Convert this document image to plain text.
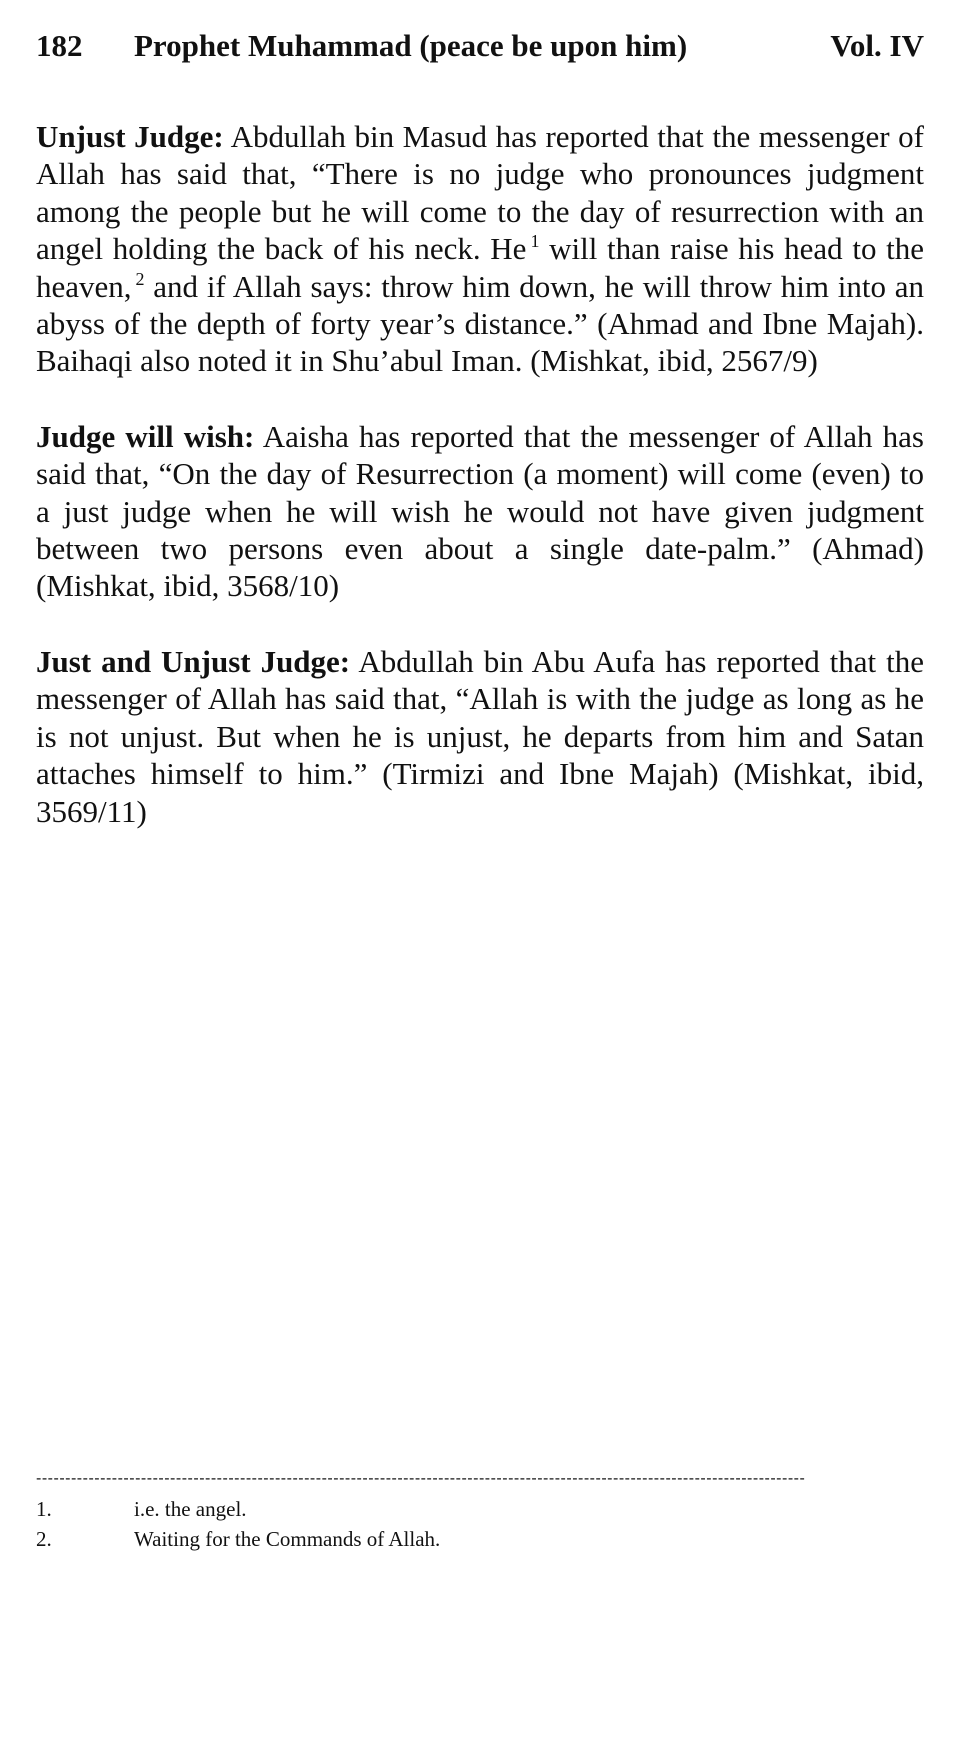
182	Prophet Muhammad (peace be upon him)	Vol. IV

Unjust Judge: Abdullah bin Masud has reported that the messenger of Allah has said that, “There is no judge who pronounces judgment among the people but he will come to the day of resurrection with an angel holding the back of his neck. He $^1$ will than raise his head to the heaven, $^2$ and if Allah says: throw him down, he will throw him into an abyss of the depth of forty year’s distance.” (Ahmad and Ibne Majah). Baihaqi also noted it in Shu’abul Iman. (Mishkat, ibid, 2567/9)

Judge will wish: Aaisha has reported that the messenger of Allah has said that, “On the day of Resurrection (a moment) will come (even) to a just judge when he will wish he would not have given judgment between two persons even about a single date-palm.” (Ahmad) (Mishkat, ibid, 3568/10)

Just and Unjust Judge: Abdullah bin Abu Aufa has reported that the messenger of Allah has said that, “Allah is with the judge as long as he is not unjust. But when he is unjust, he departs from him and Satan attaches himself to him.” (Tirmizi and Ibne Majah) (Mishkat, ibid, 3569/11)

------------------------------------------------------------------------------------------------------------------------------------
1.	i.e. the angel.
2.	Waiting for the Commands of Allah.
